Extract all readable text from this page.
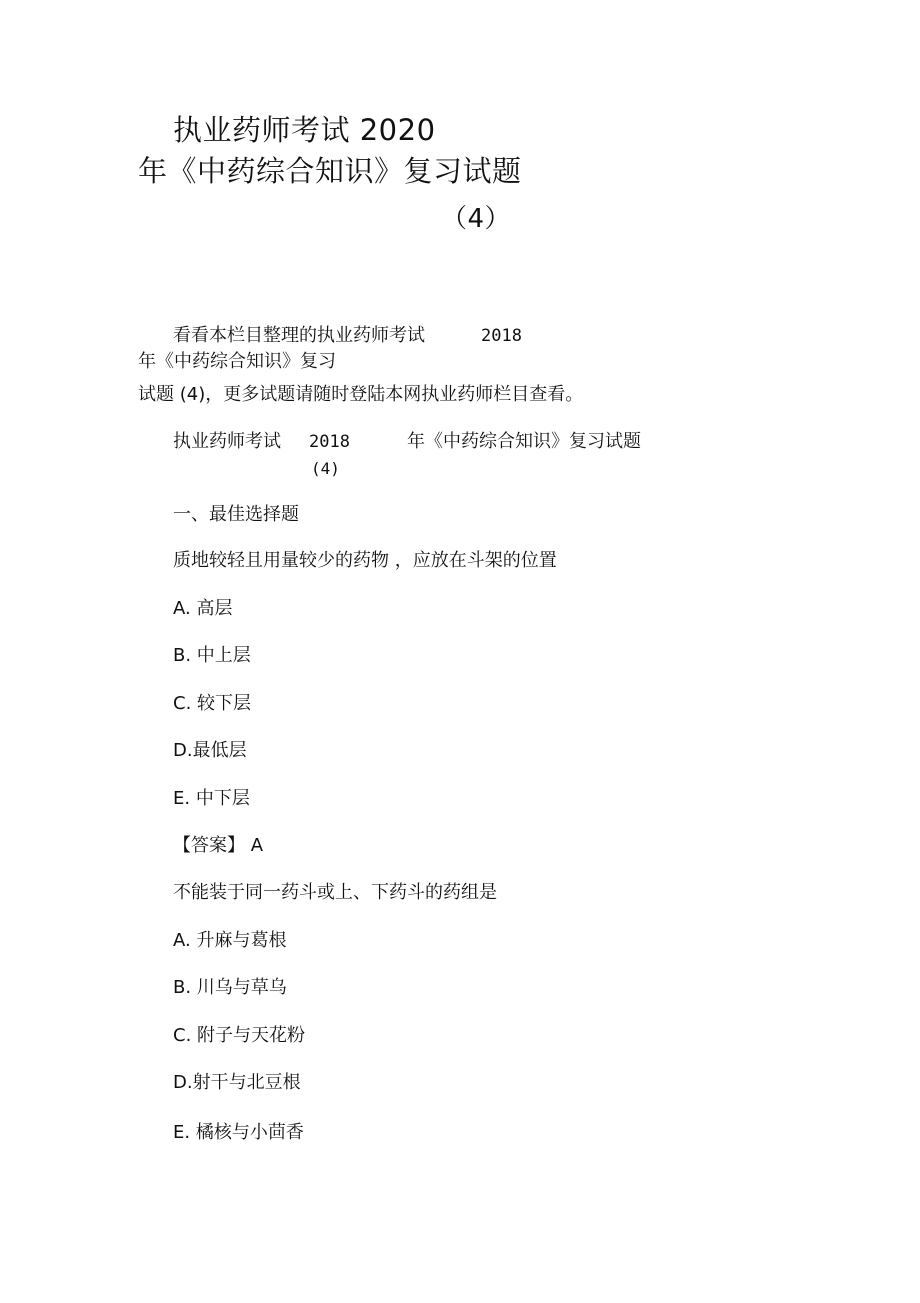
执业药师考试 2020
年《中药综合知识》复习试题
（4）
看看本栏目整理的执业药师考试	2018
年《中药综合知识》复习
试题 (4)，更多试题请随时登陆本网执业药师栏目查看。
执业药师考试 2018	年《中药综合知识》复习试题
(4)
一、最佳选择题
质地较轻且用量较少的药物 ，应放在斗架的位置
A. 高层
B. 中上层
C. 较下层
D.最低层
E. 中下层
【答案】 A
不能装于同一药斗或上、下药斗的药组是
A. 升麻与葛根
B. 川乌与草乌
C. 附子与天花粉
D.射干与北豆根
E. 橘核与小茴香
